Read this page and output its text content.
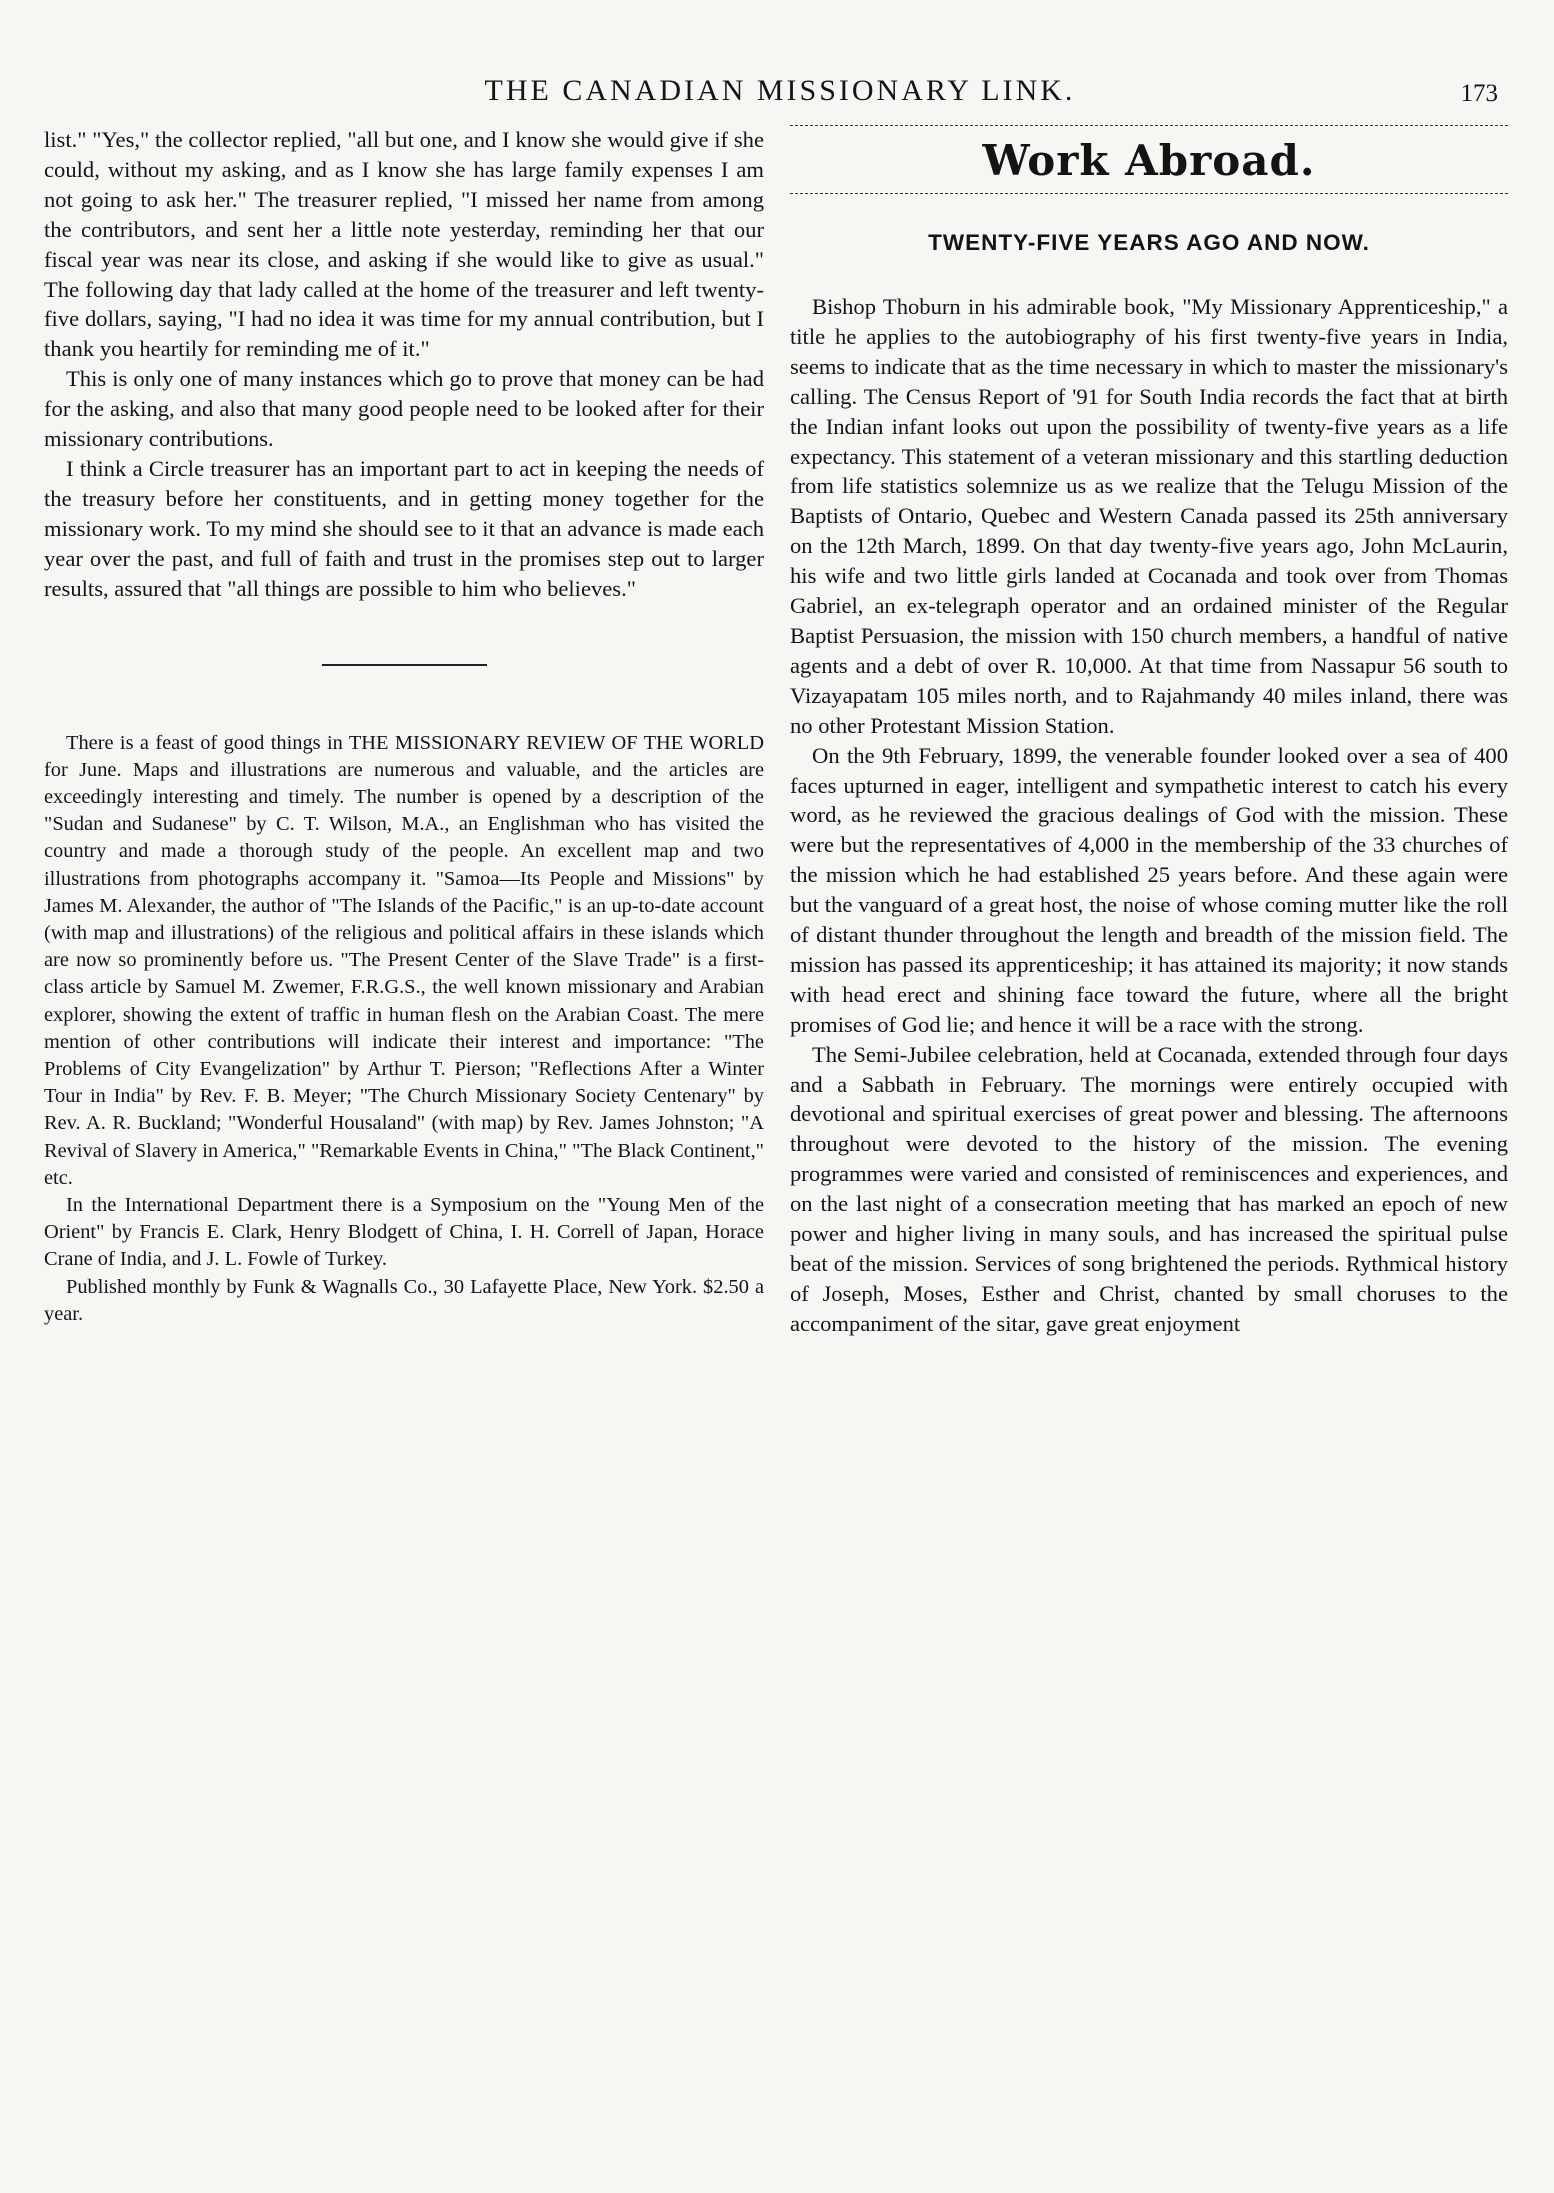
THE CANADIAN MISSIONARY LINK.	173

list." "Yes," the collector replied, "all but one, and I know she would give if she could, without my asking, and as I know she has large family expenses I am not going to ask her." The treasurer replied, "I missed her name from among the contributors, and sent her a little note yesterday, reminding her that our fiscal year was near its close, and asking if she would like to give as usual." The following day that lady called at the home of the treasurer and left twenty-five dollars, saying, "I had no idea it was time for my annual contribution, but I thank you heartily for reminding me of it."

This is only one of many instances which go to prove that money can be had for the asking, and also that many good people need to be looked after for their missionary contributions.

I think a Circle treasurer has an important part to act in keeping the needs of the treasury before her constituents, and in getting money together for the missionary work. To my mind she should see to it that an advance is made each year over the past, and full of faith and trust in the promises step out to larger results, assured that "all things are possible to him who believes."

There is a feast of good things in THE MISSIONARY REVIEW OF THE WORLD for June. Maps and illustrations are numerous and valuable, and the articles are exceedingly interesting and timely. The number is opened by a description of the "Sudan and Sudanese" by C. T. Wilson, M.A., an Englishman who has visited the country and made a thorough study of the people. An excellent map and two illustrations from photographs accompany it. "Samoa—Its People and Missions" by James M. Alexander, the author of "The Islands of the Pacific," is an up-to-date account (with map and illustrations) of the religious and political affairs in these islands which are now so prominently before us. "The Present Center of the Slave Trade" is a first-class article by Samuel M. Zwemer, F.R.G.S., the well known missionary and Arabian explorer, showing the extent of traffic in human flesh on the Arabian Coast. The mere mention of other contributions will indicate their interest and importance: "The Problems of City Evangelization" by Arthur T. Pierson; "Reflections After a Winter Tour in India" by Rev. F. B. Meyer; "The Church Missionary Society Centenary" by Rev. A. R. Buckland; "Wonderful Housaland" (with map) by Rev. James Johnston; "A Revival of Slavery in America," "Remarkable Events in China," "The Black Continent," etc.

In the International Department there is a Symposium on the "Young Men of the Orient" by Francis E. Clark, Henry Blodgett of China, I. H. Correll of Japan, Horace Crane of India, and J. L. Fowle of Turkey.

Published monthly by Funk & Wagnalls Co., 30 Lafayette Place, New York. $2.50 a year.

Work Abroad.
TWENTY-FIVE YEARS AGO AND NOW.

Bishop Thoburn in his admirable book, "My Missionary Apprenticeship," a title he applies to the autobiography of his first twenty-five years in India, seems to indicate that as the time necessary in which to master the missionary's calling. The Census Report of '91 for South India records the fact that at birth the Indian infant looks out upon the possibility of twenty-five years as a life expectancy. This statement of a veteran missionary and this startling deduction from life statistics solemnize us as we realize that the Telugu Mission of the Baptists of Ontario, Quebec and Western Canada passed its 25th anniversary on the 12th March, 1899. On that day twenty-five years ago, John McLaurin, his wife and two little girls landed at Cocanada and took over from Thomas Gabriel, an ex-telegraph operator and an ordained minister of the Regular Baptist Persuasion, the mission with 150 church members, a handful of native agents and a debt of over R. 10,000. At that time from Nassapur 56 south to Vizayapatam 105 miles north, and to Rajahmandy 40 miles inland, there was no other Protestant Mission Station.

On the 9th February, 1899, the venerable founder looked over a sea of 400 faces upturned in eager, intelligent and sympathetic interest to catch his every word, as he reviewed the gracious dealings of God with the mission. These were but the representatives of 4,000 in the membership of the 33 churches of the mission which he had established 25 years before. And these again were but the vanguard of a great host, the noise of whose coming mutter like the roll of distant thunder throughout the length and breadth of the mission field. The mission has passed its apprenticeship; it has attained its majority; it now stands with head erect and shining face toward the future, where all the bright promises of God lie; and hence it will be a race with the strong.

The Semi-Jubilee celebration, held at Cocanada, extended through four days and a Sabbath in February. The mornings were entirely occupied with devotional and spiritual exercises of great power and blessing. The afternoons throughout were devoted to the history of the mission. The evening programmes were varied and consisted of reminiscences and experiences, and on the last night of a consecration meeting that has marked an epoch of new power and higher living in many souls, and has increased the spiritual pulse beat of the mission. Services of song brightened the periods. Rythmical history of Joseph, Moses, Esther and Christ, chanted by small choruses to the accompaniment of the sitar, gave great enjoyment
